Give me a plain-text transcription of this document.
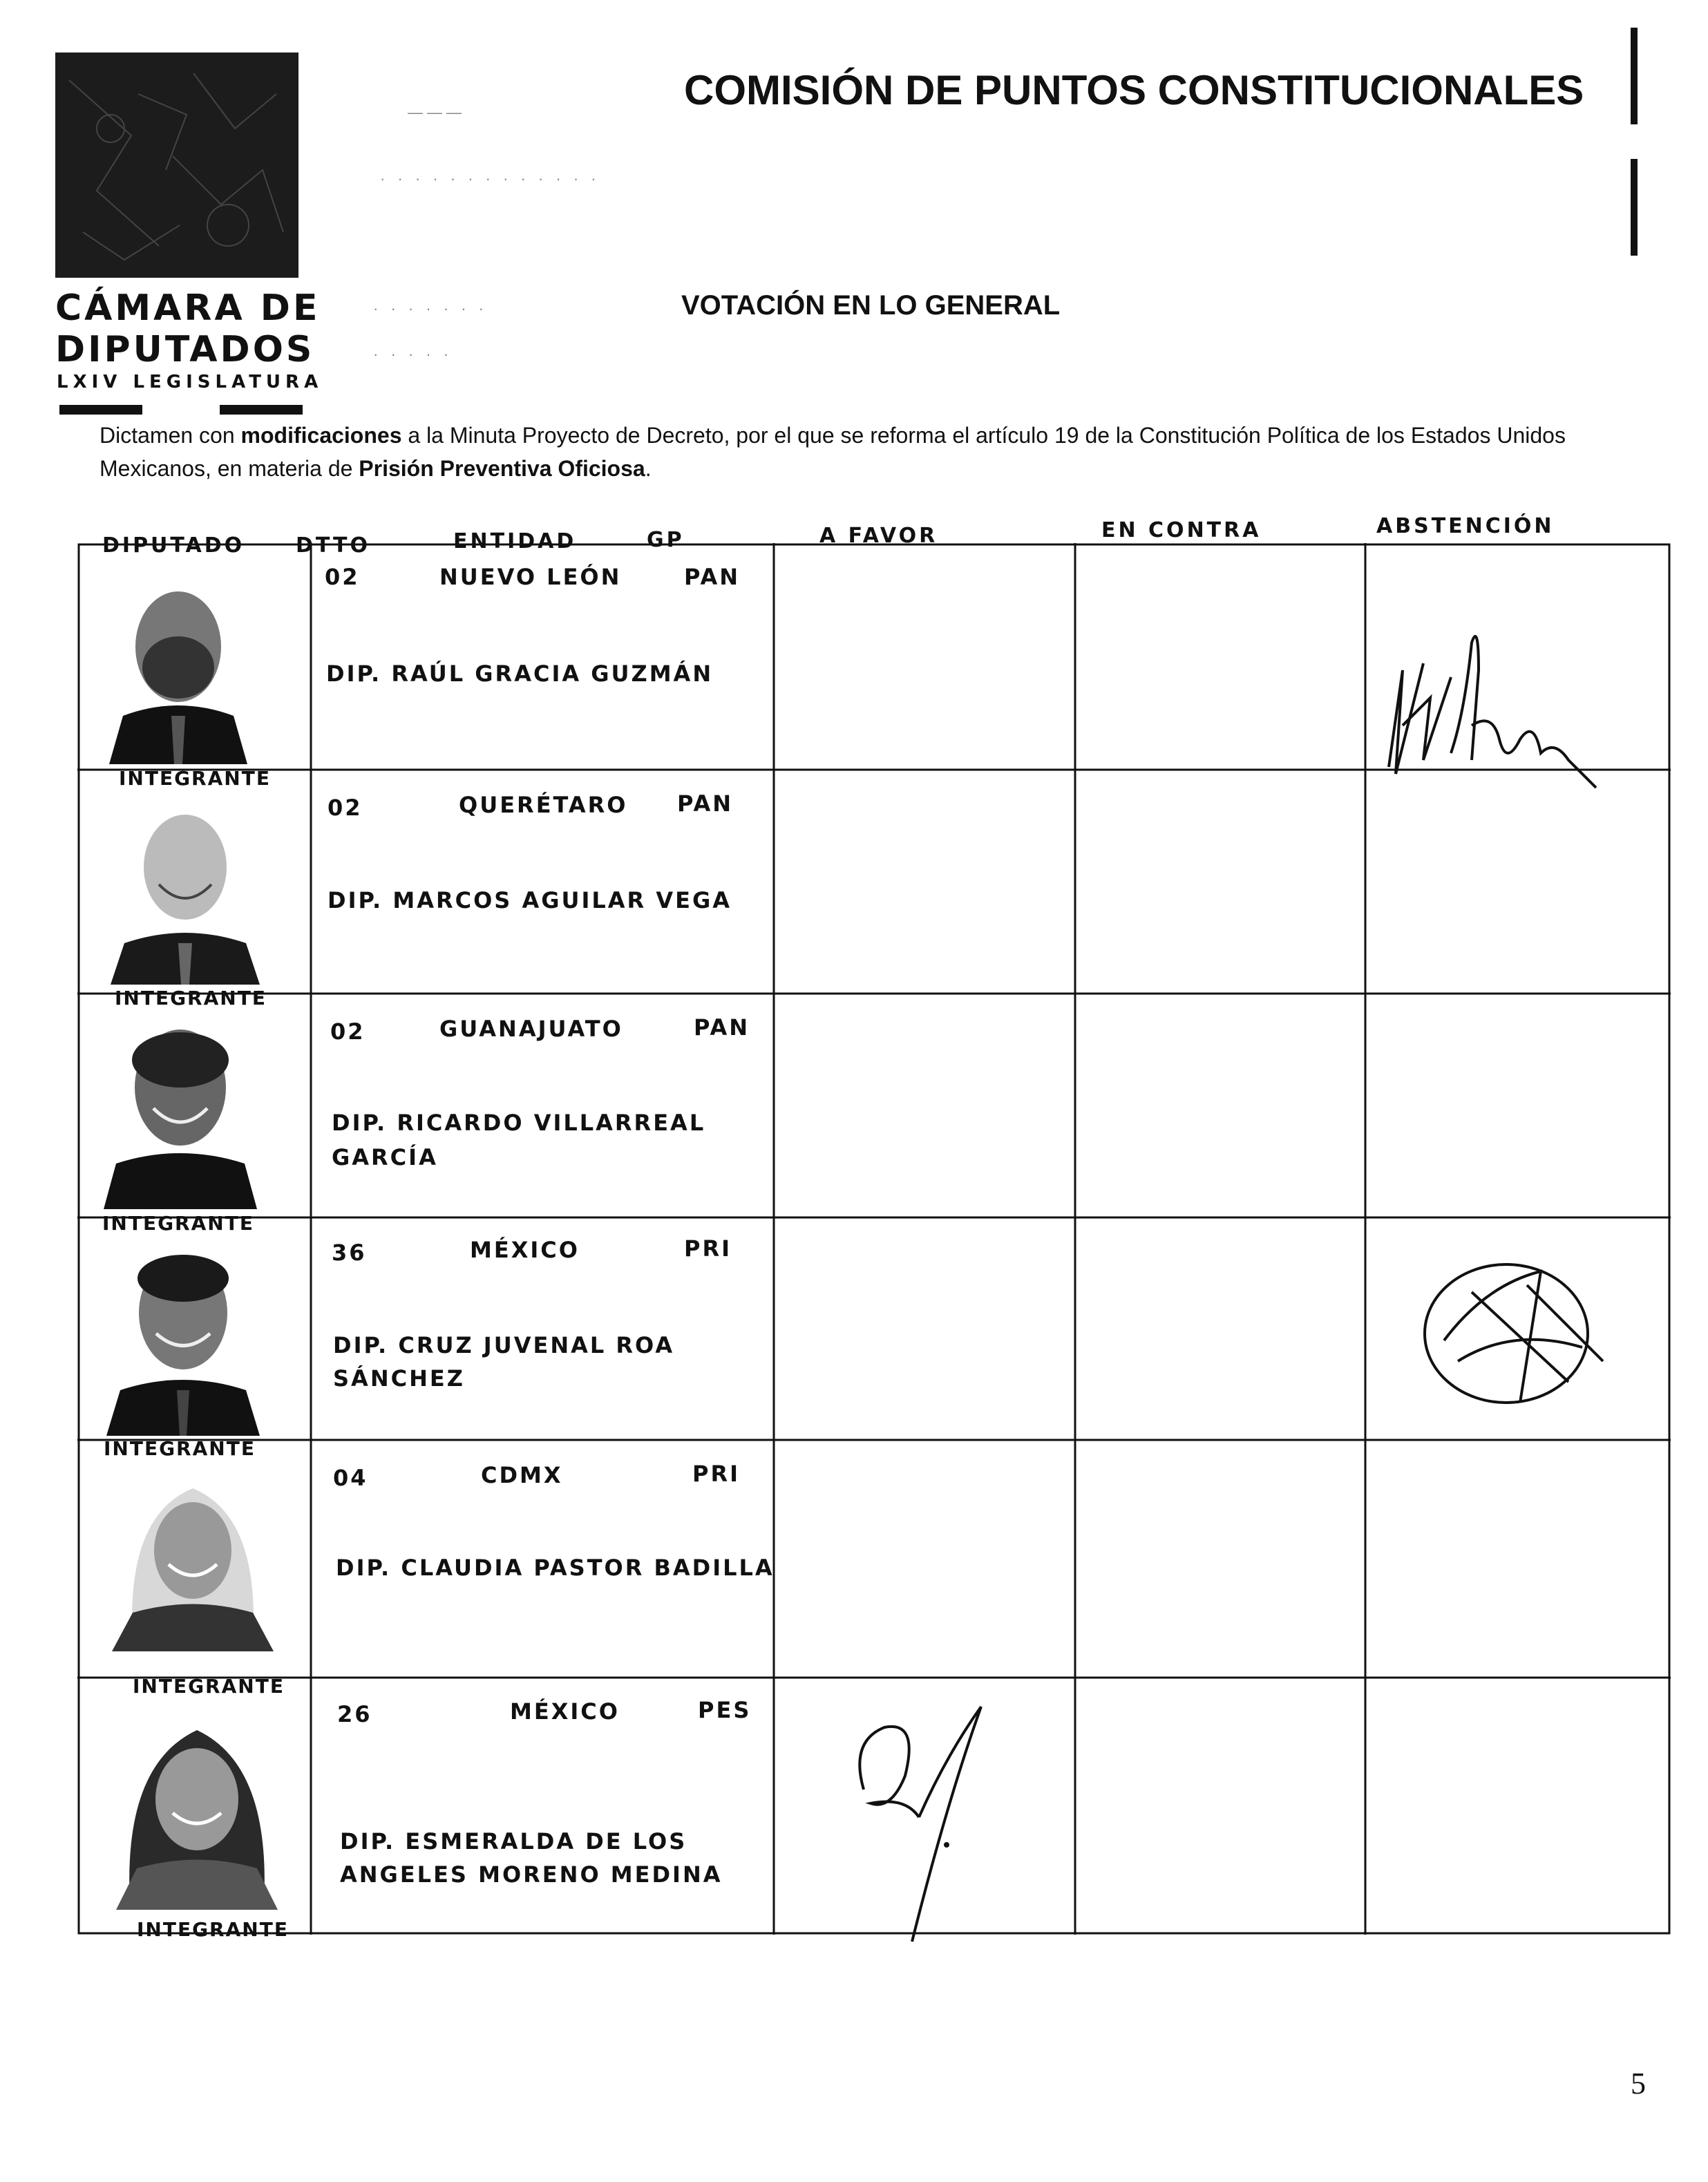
CÁMARA DE
DIPUTADOS
LXIV LEGISLATURA
———
· · · · · · · · · · · · ·
· · · · · · ·
· · · · ·
COMISIÓN DE PUNTOS CONSTITUCIONALES
VOTACIÓN EN LO GENERAL
Dictamen con modificaciones a la Minuta Proyecto de Decreto, por el que se reforma el artículo 19 de la Constitución Política de los Estados Unidos Mexicanos, en materia de Prisión Preventiva Oficiosa.
DIPUTADO DTTO	ENTIDAD	GP	A FAVOR	EN CONTRA	ABSTENCIÓN
INTEGRANTE
02	NUEVO LEÓN	PAN
DIP. RAÚL GRACIA GUZMÁN
INTEGRANTE
02	QUERÉTARO PAN
DIP. MARCOS AGUILAR VEGA
INTEGRANTE
02	GUANAJUATO	PAN
DIP. RICARDO VILLARREAL
GARCÍA
INTEGRANTE
36	MÉXICO	PRI
DIP. CRUZ JUVENAL ROA
SÁNCHEZ
INTEGRANTE
04	CDMX	PRI
DIP. CLAUDIA PASTOR BADILLA
INTEGRANTE
26	MÉXICO	PES
DIP. ESMERALDA DE LOS
ANGELES MORENO MEDINA
5
